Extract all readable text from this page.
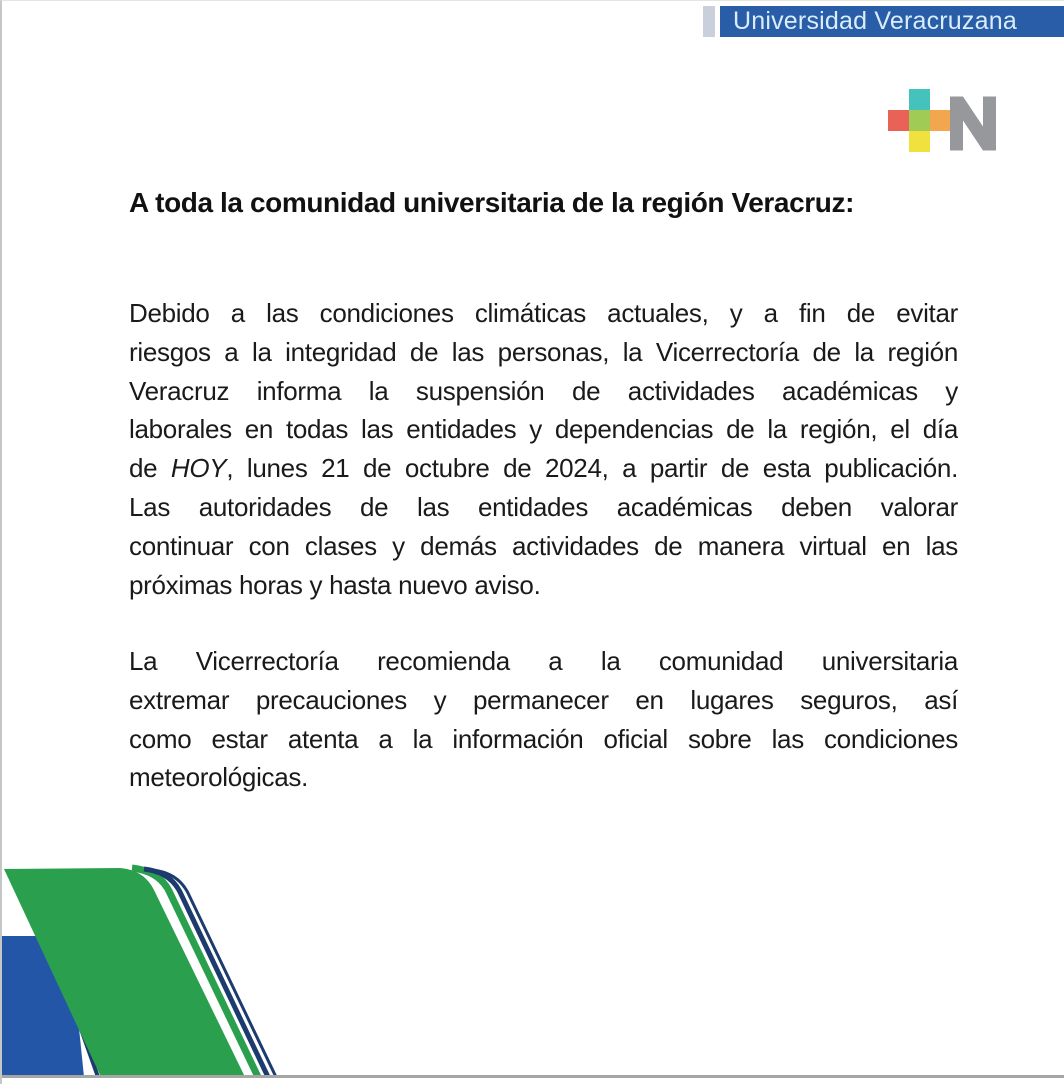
Universidad Veracruzana
A toda la comunidad universitaria de la región Veracruz:
Debido a las condiciones climáticas actuales, y a fin de evitar
riesgos a la integridad de las personas, la Vicerrectoría de la región
Veracruz informa la suspensión de actividades académicas y
laborales en todas las entidades y dependencias de la región, el día
de HOY, lunes 21 de octubre de 2024, a partir de esta publicación.
Las autoridades de las entidades académicas deben valorar
continuar con clases y demás actividades de manera virtual en las
próximas horas y hasta nuevo aviso.
La Vicerrectoría recomienda a la comunidad universitaria
extremar precauciones y permanecer en lugares seguros, así
como estar atenta a la información oficial sobre las condiciones
meteorológicas.
